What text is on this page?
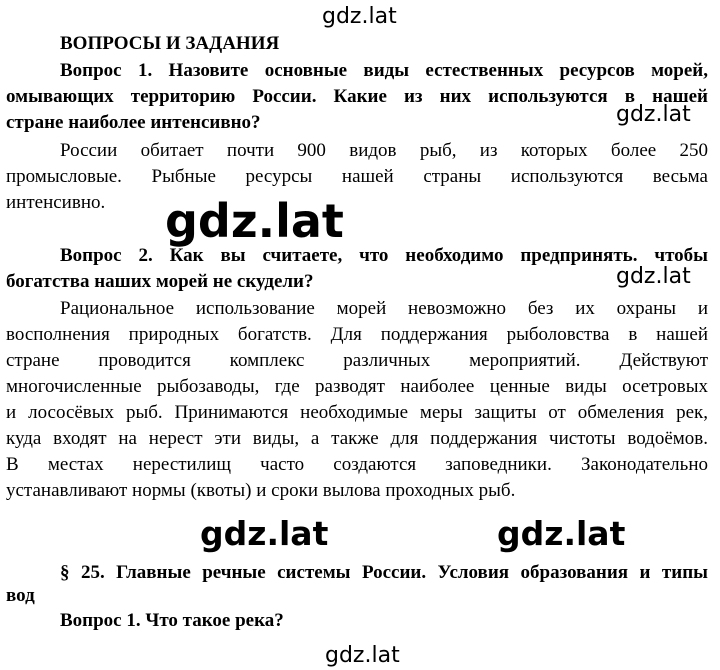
gdz.lat
gdz.lat
gdz.lat
gdz.lat
gdz.lat	gdz.lat
gdz.lat
ВОПРОСЫ И ЗАДАНИЯ
Вопрос 1. Назовите основные виды естественных ресурсов морей,
омывающих территорию России. Какие из них используются в нашей
стране наиболее интенсивно?
России обитает почти 900 видов рыб, из которых более 250
промысловые. Рыбные ресурсы нашей страны используются весьма
интенсивно.
Вопрос 2. Как вы считаете, что необходимо предпринять. чтобы
богатства наших морей не скудели?
Рациональное использование морей невозможно без их охраны и
восполнения природных богатств. Для поддержания рыболовства в нашей
стране проводится комплекс различных мероприятий. Действуют
многочисленные рыбозаводы, где разводят наиболее ценные виды осетровых
и лососёвых рыб. Принимаются необходимые меры защиты от обмеления рек,
куда входят на нерест эти виды, а также для поддержания чистоты водоёмов.
В местах нерестилищ часто создаются заповедники. Законодательно
устанавливают нормы (квоты) и сроки вылова проходных рыб.
§ 25. Главные речные системы России. Условия образования и типы
вод
Вопрос 1. Что такое река?
